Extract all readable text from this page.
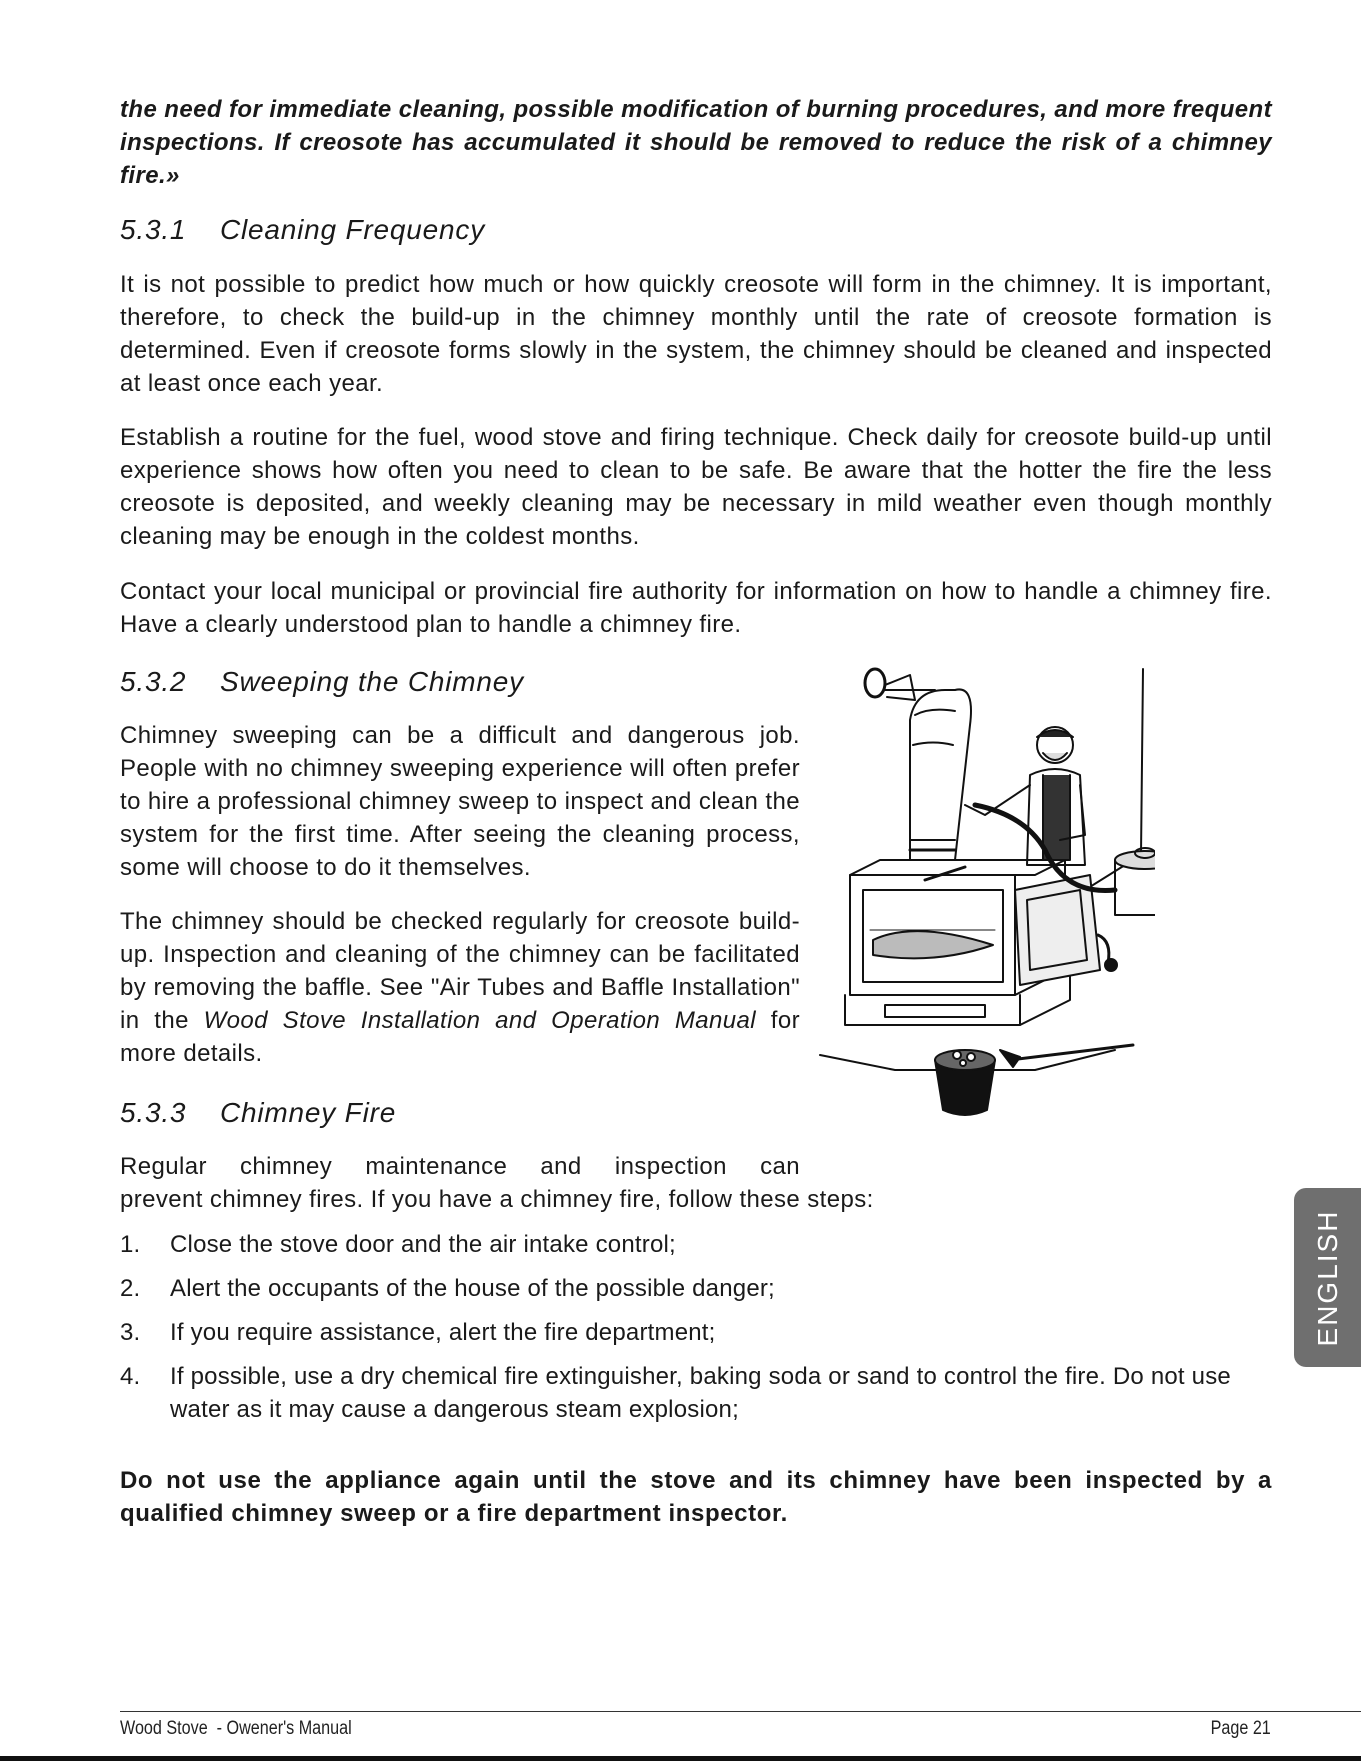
the need for immediate cleaning, possible modification of burning procedures, and more frequent inspections. If creosote has accumulated it should be removed to reduce the risk of a chimney fire.»

5.3.1 Cleaning Frequency

It is not possible to predict how much or how quickly creosote will form in the chimney. It is important, therefore, to check the build-up in the chimney monthly until the rate of creosote formation is determined. Even if creosote forms slowly in the system, the chimney should be cleaned and inspected at least once each year.

Establish a routine for the fuel, wood stove and firing technique. Check daily for creosote build-up until experience shows how often you need to clean to be safe. Be aware that the hotter the fire the less creosote is deposited, and weekly cleaning may be necessary in mild weather even though monthly cleaning may be enough in the coldest months.

Contact your local municipal or provincial fire authority for information on how to handle a chimney fire. Have a clearly understood plan to handle a chimney fire.

5.3.2 Sweeping the Chimney

Chimney sweeping can be a difficult and dangerous job. People with no chimney sweeping experience will often prefer to hire a professional chimney sweep to inspect and clean the system for the first time. After seeing the cleaning process, some will choose to do it themselves.

The chimney should be checked regularly for creosote build-up. Inspection and cleaning of the chimney can be facilitated by removing the baffle. See "Air Tubes and Baffle Installation" in the Wood Stove Installation and Operation Manual for more details.

5.3.3 Chimney Fire

Regular chimney maintenance and inspection can

prevent chimney fires. If you have a chimney fire, follow these steps:

1. Close the stove door and the air intake control;
2. Alert the occupants of the house of the possible danger;
3. If you require assistance, alert the fire department;
4. If possible, use a dry chemical fire extinguisher, baking soda or sand to control the fire. Do not use water as it may cause a dangerous steam explosion;

Do not use the appliance again until the stove and its chimney have been inspected by a qualified chimney sweep or a fire department inspector.

ENGLISH
Wood Stove  - Owener's Manual	Page 21
